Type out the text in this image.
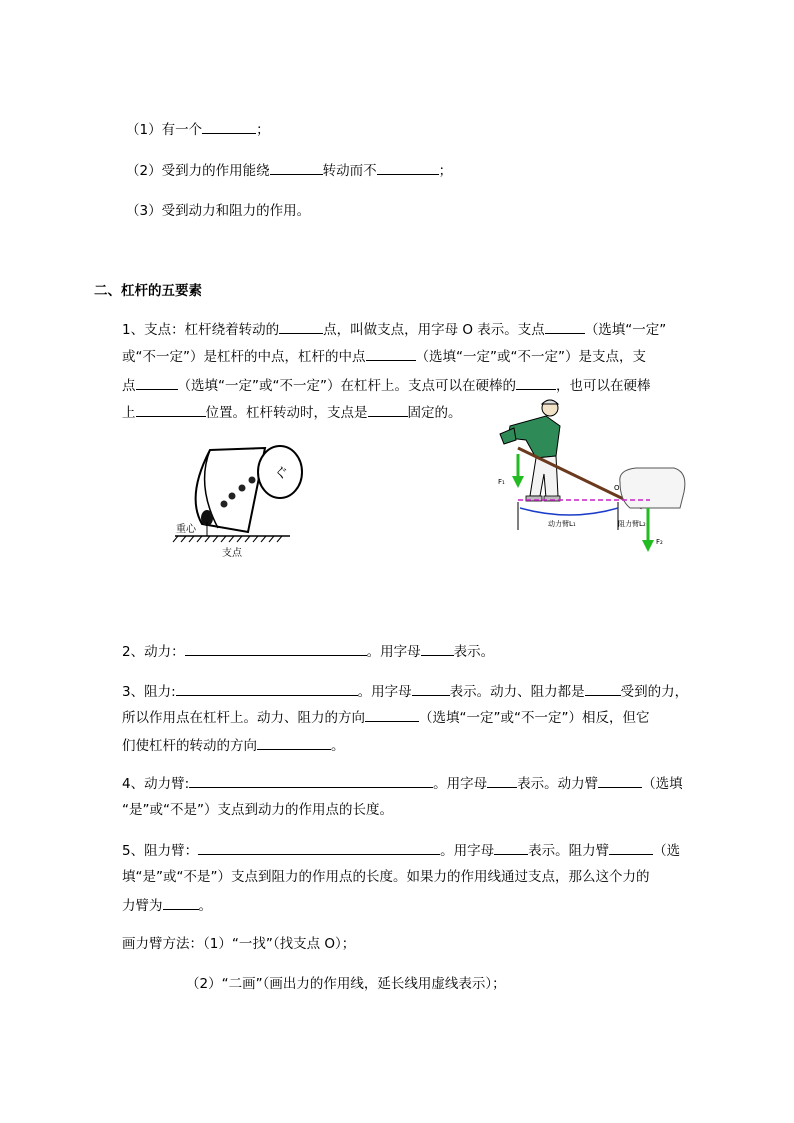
（1）有一个	；
（2）受到力的作用能绕	转动而不	；
（3）受到动力和阻力的作用。
二、杠杆的五要素
1、支点：杠杆绕着转动的	点，叫做支点，用字母 O 表示。支点	（选填“一定”
或“不一定”）是杠杆的中点，杠杆的中点	（选填“一定”或“不一定”）是支点，支
点	（选填“一定”或“不一定”）在杠杆上。支点可以在硬棒的	，也可以在硬棒
上	位置。杠杆转动时，支点是	固定的。
ぐ
重心
支点
F₁
动力臂L₁	阻力臂L₂
O
F₂
2、动力：	。用字母 表示。
3、阻力:	。用字母	表示。动力、阻力都是	受到的力，
所以作用点在杠杆上。动力、阻力的方向	（选填“一定”或“不一定”）相反，但它
们使杠杆的转动的方向	。
4、动力臂:	。用字母 表示。动力臂	（选填
“是”或“不是”）支点到动力的作用点的长度。
5、阻力臂：	。用字母	表示。阻力臂	（选
填“是”或“不是”）支点到阻力的作用点的长度。如果力的作用线通过支点，那么这个力的
力臂为	。
画力臂方法：（1）“一找”（找支点 O）；
（2）“二画”（画出力的作用线，延长线用虚线表示）；
